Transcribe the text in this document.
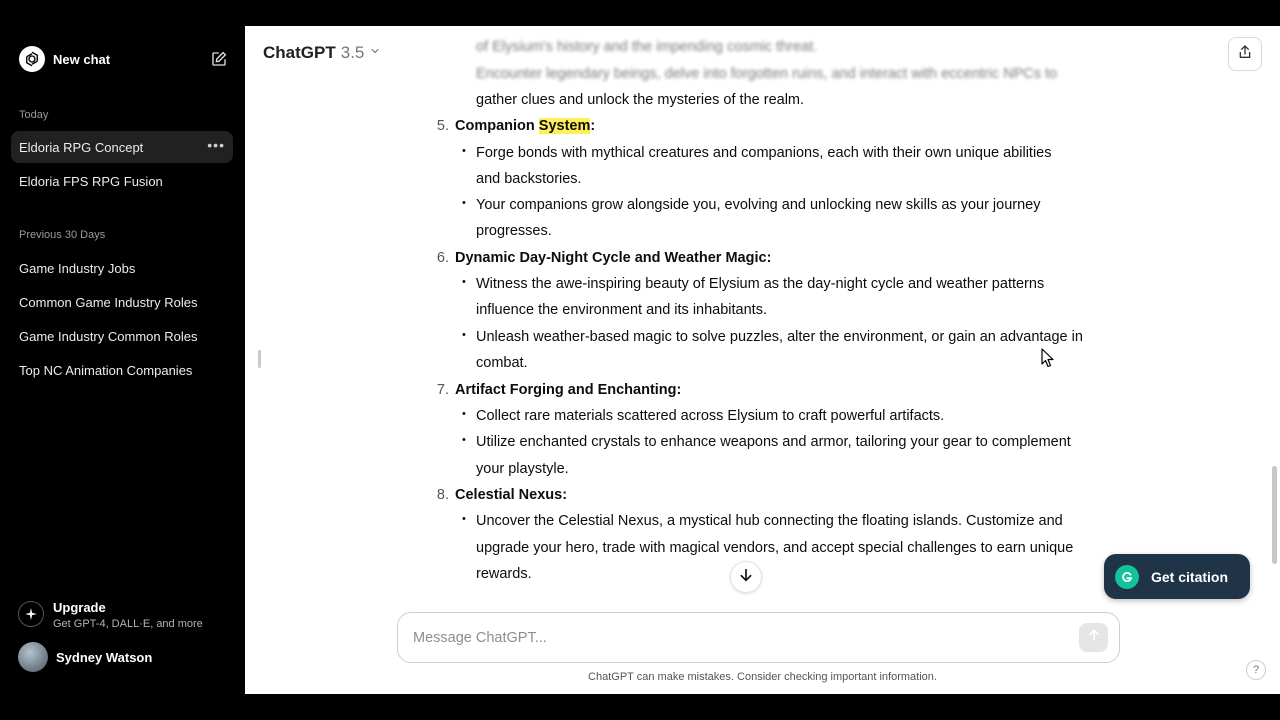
New chat
Today
Eldoria RPG Concept	•••
Eldoria FPS RPG Fusion
Previous 30 Days
Game Industry Jobs
Common Game Industry Roles
Game Industry Common Roles
Top NC Animation Companies
Upgrade
Get GPT-4, DALL·E, and more
Sydney Watson
ChatGPT 3.5	of Elysium's history and the impending cosmic threat.
Encounter legendary beings, delve into forgotten ruins, and interact with eccentric NPCs to
gather clues and unlock the mysteries of the realm.
5. Companion System:
• Forge bonds with mythical creatures and companions, each with their own unique abilities
and backstories.
• Your companions grow alongside you, evolving and unlocking new skills as your journey
progresses.
6. Dynamic Day-Night Cycle and Weather Magic:
• Witness the awe-inspiring beauty of Elysium as the day-night cycle and weather patterns
influence the environment and its inhabitants.
• Unleash weather-based magic to solve puzzles, alter the environment, or gain an advantage in
combat.
7. Artifact Forging and Enchanting:
• Collect rare materials scattered across Elysium to craft powerful artifacts.
• Utilize enchanted crystals to enhance weapons and armor, tailoring your gear to complement
your playstyle.
8. Celestial Nexus:
• Uncover the Celestial Nexus, a mystical hub connecting the floating islands. Customize and
upgrade your hero, trade with magical vendors, and accept special challenges to earn unique
rewards.
Message ChatGPT...	Get citation
ChatGPT can make mistakes. Consider checking important information.
?
